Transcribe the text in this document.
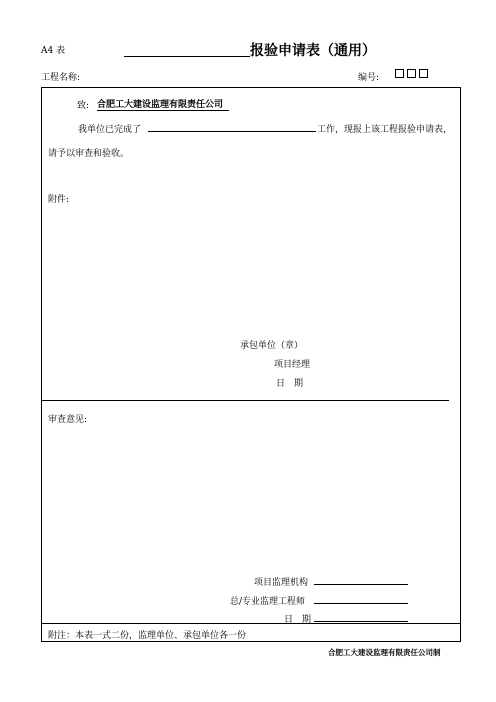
A4 表	报验申请表（通用）
工程名称:	编号:
致: 合肥工大建设监理有限责任公司
我单位已完成了	工作，现报上该工程报验申请表，
请予以审查和验收。
附件:
承包单位（章）
项目经理
日　期
审查意见:
项目监理机构
总/专业监理工程师
日　期
附注：本表一式二份，监理单位、承包单位各一份
合肥工大建设监理有限责任公司制
